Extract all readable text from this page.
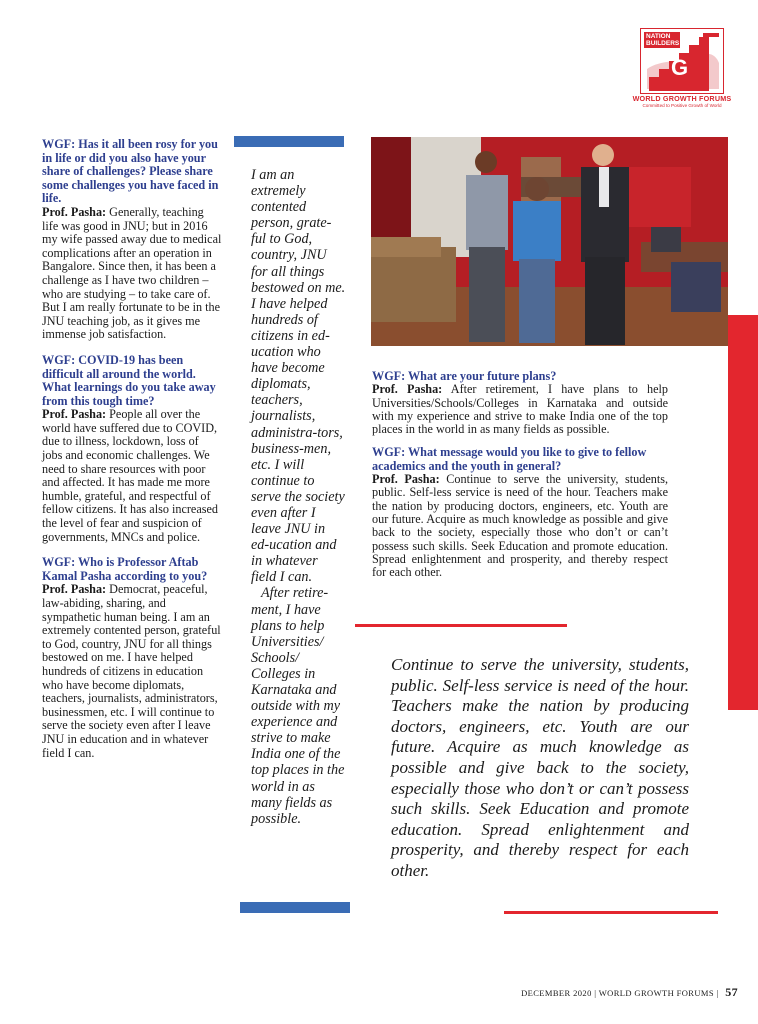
G
NATION BUILDERS
WORLD GROWTH FORUMS
Committed to Positive Growth of World
WGF: Has it all been rosy for you in life or did you also have your share of challenges? Please share some challenges you have faced in life.

Prof. Pasha: Generally, teaching life was good in JNU; but in 2016 my wife passed away due to medical complications after an operation in Bangalore. Since then, it has been a challenge as I have two children – who are studying – to take care of. But I am really fortunate to be in the JNU teaching job, as it gives me immense job satisfaction.

WGF: COVID-19 has been difficult all around the world. What learnings do you take away from this tough time?

Prof. Pasha: People all over the world have suffered due to COVID, due to illness, lockdown, loss of jobs and economic challenges. We need to share resources with poor and affected. It has made me more humble, grateful, and respectful of fellow citizens. It has also increased the level of fear and suspicion of governments, MNCs and police.

WGF: Who is Professor Aftab Kamal Pasha according to you?

Prof. Pasha: Democrat, peaceful, law-abiding, sharing, and sympathetic human being. I am an extremely contented person, grateful to God, country, JNU for all things bestowed on me. I have helped hundreds of citizens in education who have become diplomats, teachers, journalists, administrators, businessmen, etc. I will continue to serve the society even after I leave JNU in education and in whatever field I can.

I am an extremely contented person, grate-ful to God, country, JNU for all things bestowed on me. I have helped hundreds of citizens in ed-ucation who have become diplomats, teachers, journalists, administra-tors, business-men, etc. I will continue to serve the society even after I leave JNU in ed-ucation and in whatever field I can.

After retire-ment, I have plans to help Universities/ Schools/ Colleges in Karnataka and outside with my experience and strive to make India one of the top places in the world in as many fields as possible.

WGF: What are your future plans?

Prof. Pasha: After retirement, I have plans to help Universities/Schools/Colleges in Karnataka and outside with my experience and strive to make India one of the top places in the world in as many fields as possible.

WGF: What message would you like to give to fellow academics and the youth in general?

Prof. Pasha: Continue to serve the university, students, public. Self-less service is need of the hour. Teachers make the nation by producing doctors, engineers, etc. Youth are our future. Acquire as much knowledge as possible and give back to the society, especially those who don’t or can’t possess such skills. Seek Education and promote education. Spread enlightenment and prosperity, and thereby respect for each other.

Continue to serve the university, students, public. Self-less service is need of the hour. Teachers make the nation by producing doctors, engineers, etc. Youth are our future. Acquire as much knowledge as possible and give back to the society, especially those who don’t or can’t possess such skills. Seek Education and promote education. Spread enlightenment and prosperity, and thereby respect for each other.
DECEMBER 2020 | WORLD GROWTH FORUMS | 57
